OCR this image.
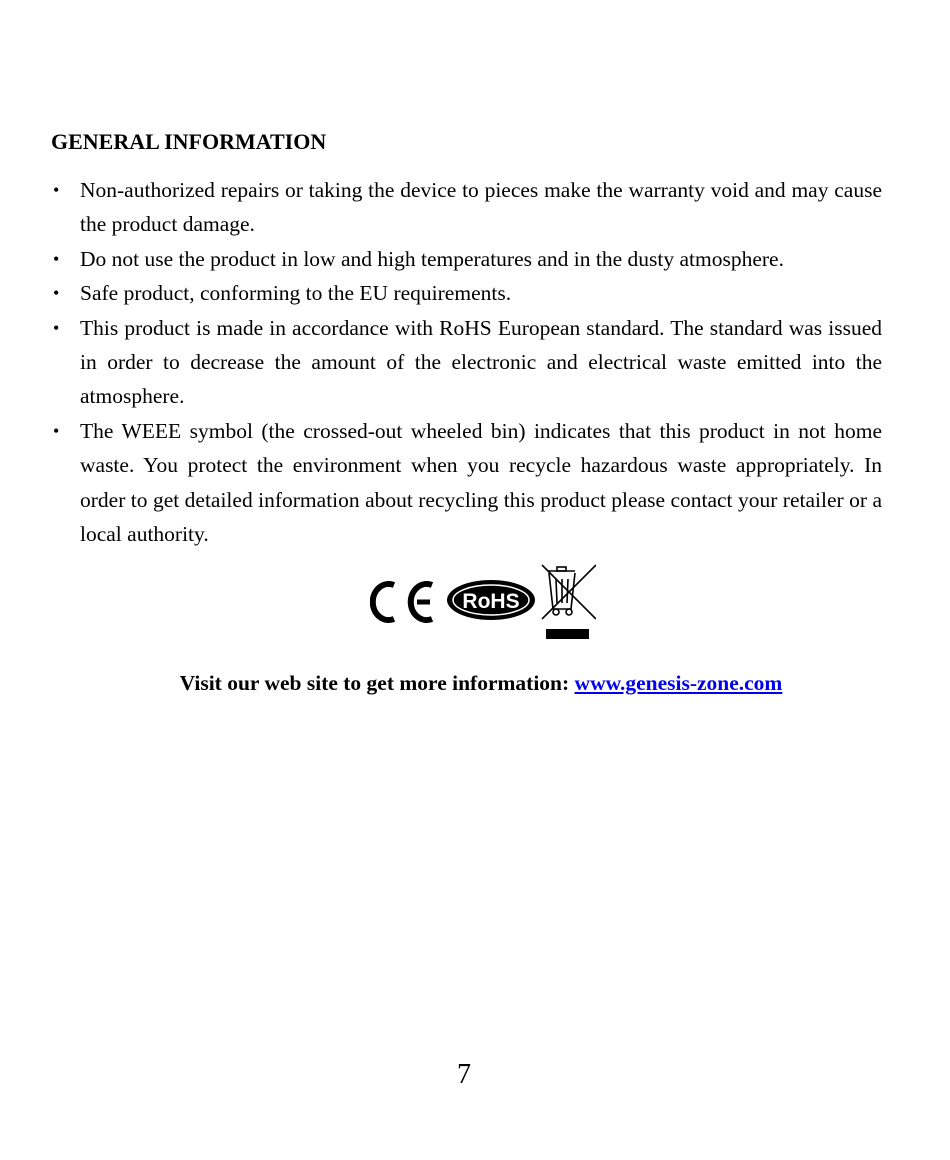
GENERAL INFORMATION
• Non-authorized repairs or taking the device to pieces make the warranty void and may cause the product damage.
• Do not use the product in low and high temperatures and in the dusty atmosphere.
• Safe product, conforming to the EU requirements.
• This product is made in accordance with RoHS European standard. The standard was issued in order to decrease the amount of the electronic and electrical waste emitted into the atmosphere.
• The WEEE symbol (the crossed-out wheeled bin) indicates that this product in not home waste. You protect the environment when you recycle hazardous waste appropriately. In order to get detailed information about recycling this product please contact your retailer or a local authority.
RoHS
Visit our web site to get more information: www.genesis-zone.com
7
